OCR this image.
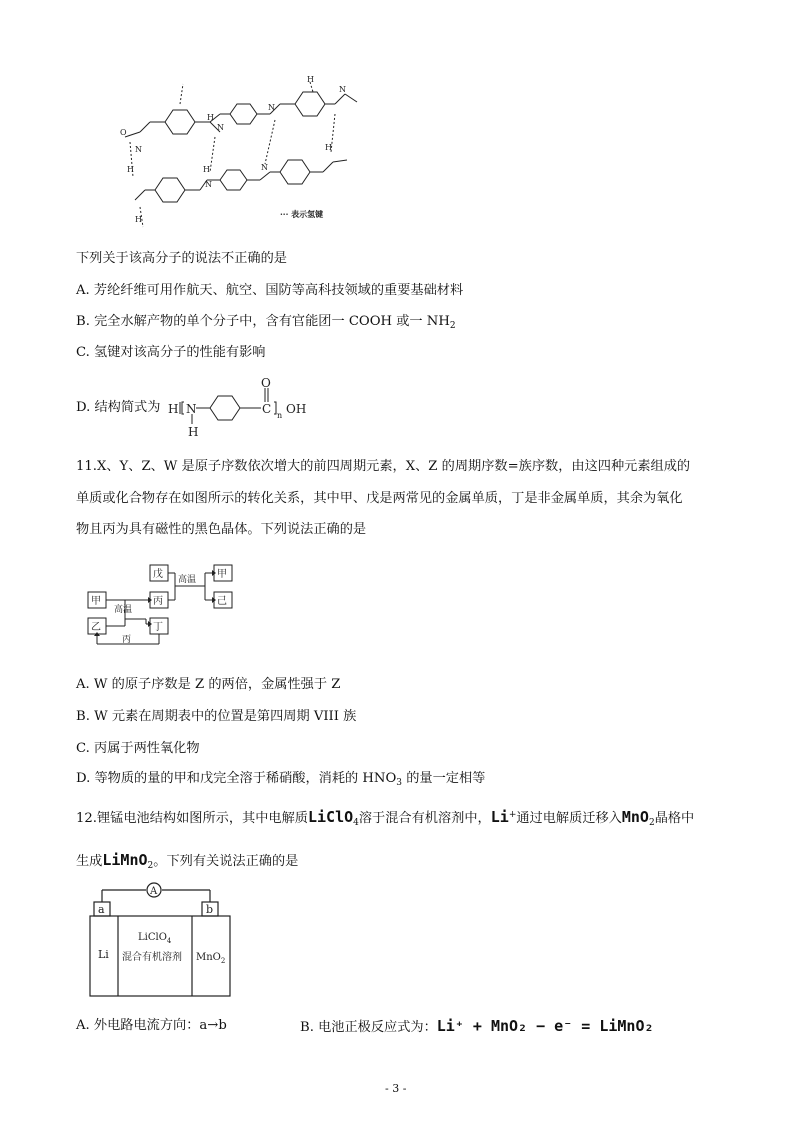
O
N
H
H
N
N
N
H
H
N
N
H
H
··· 表示氢键
下列关于该高分子的说法不正确的是
A. 芳纶纤维可用作航天、航空、国防等高科技领域的重要基础材料
B. 完全水解产物的单个分子中，含有官能团一 COOH 或一 $NH_2$
C. 氢键对该高分子的性能有影响
D. 结构简式为 H N
H
O
C OH
n
11.X、Y、Z、W 是原子序数依次增大的前四周期元素，X、Z 的周期序数=族序数，由这四种元素组成的
单质或化合物存在如图所示的转化关系，其中甲、戊是两常见的金属单质，丁是非金属单质，其余为氧化
物且丙为具有磁性的黑色晶体。下列说法正确的是
甲
乙
戊
丙
丁
甲
己
高温
高温
丙
A. W 的原子序数是 Z 的两倍，金属性强于 Z
B. W 元素在周期表中的位置是第四周期 VIII 族
C. 丙属于两性氧化物
D. 等物质的量的甲和戊完全溶于稀硝酸，消耗的 $HNO_3$ 的量一定相等
12.锂锰电池结构如图所示，其中电解质LiClO$_4$溶于混合有机溶剂中，Li+通过电解质迁移入MnO$_2$晶格中
生成LiMnO$_2$。下列有关说法正确的是
A
a	b
Li
LiClO$_4$
混合有机溶剂 MnO$_2$
A. 外电路电流方向：a→b	B. 电池正极反应式为：Li⁺ + MnO₂ − e⁻ = LiMnO₂
- 3 -
